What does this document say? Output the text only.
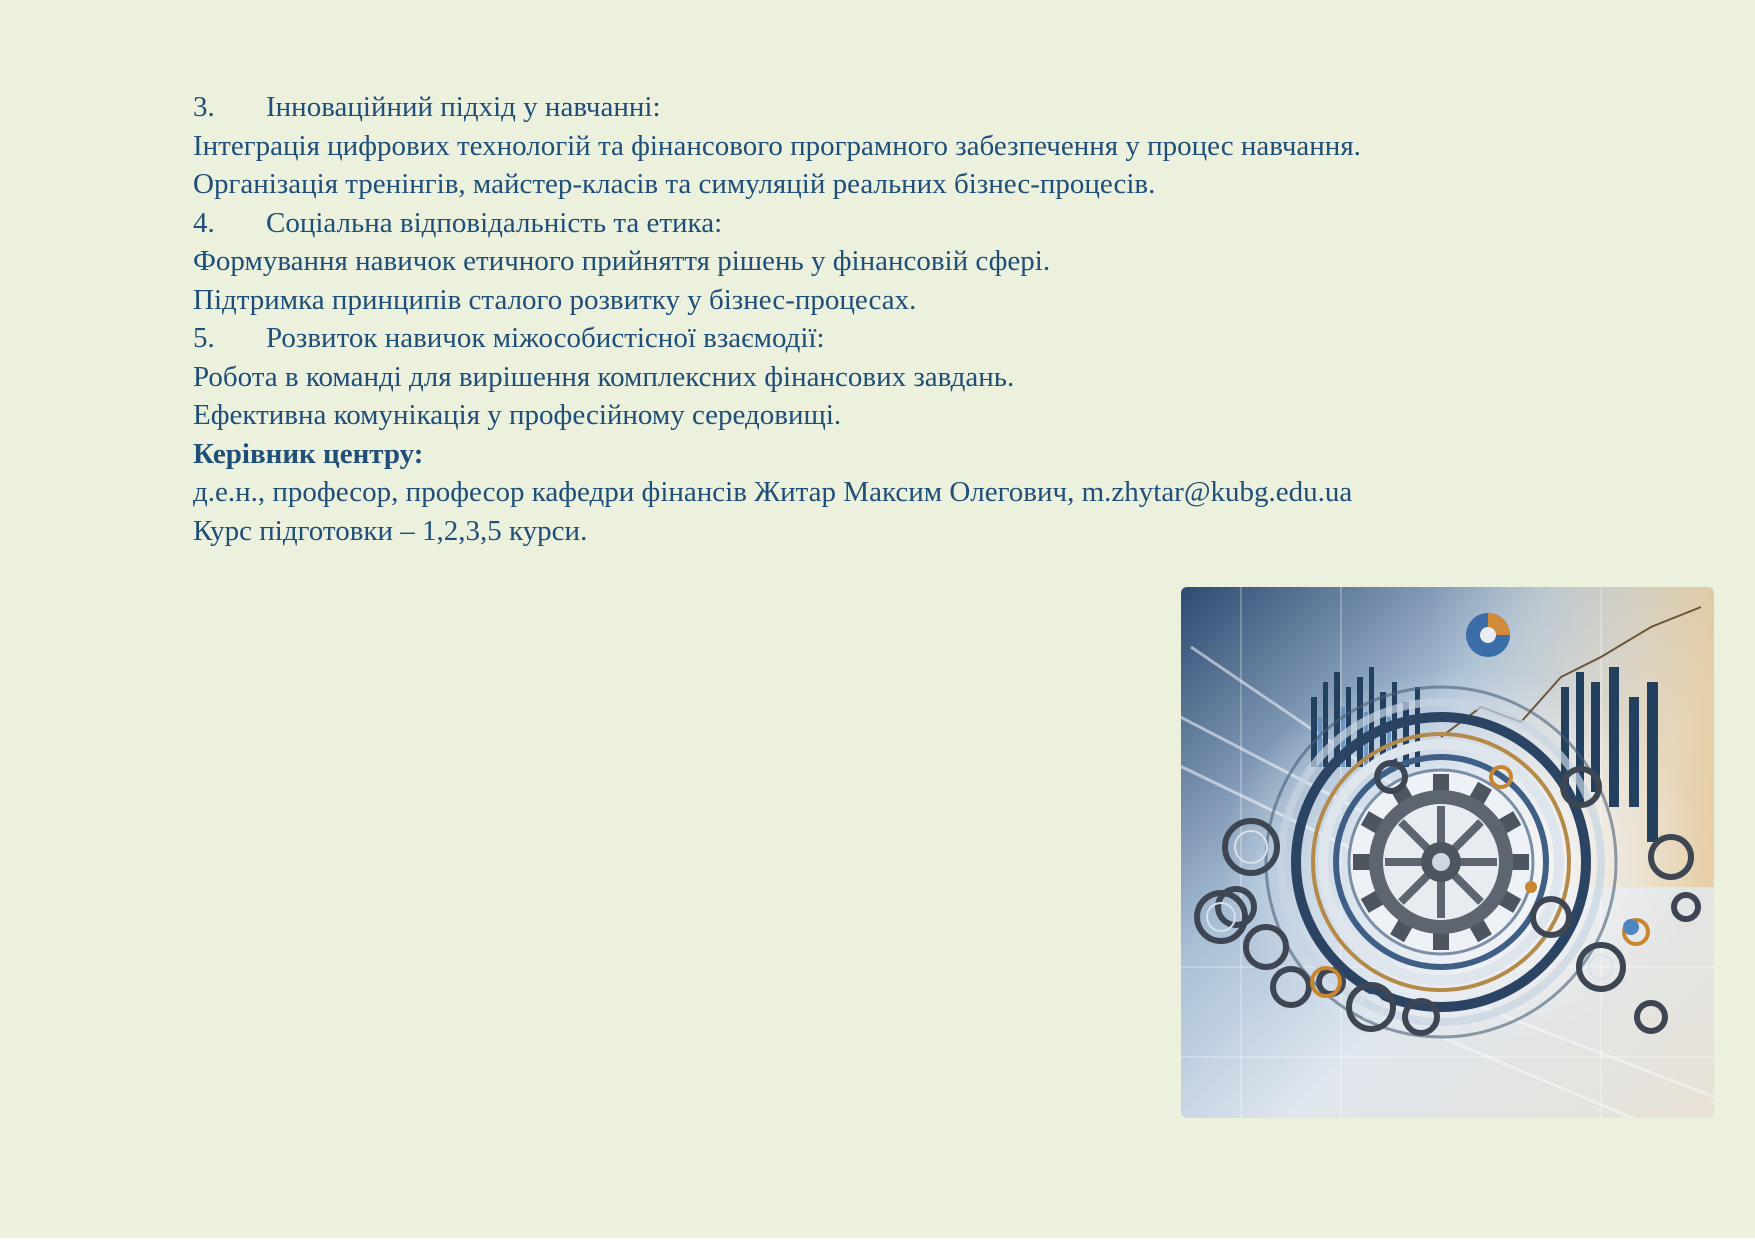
3.	Інноваційний підхід у навчанні:
Інтеграція цифрових технологій та фінансового програмного забезпечення у процес навчання.
Організація тренінгів, майстер-класів та симуляцій реальних бізнес-процесів.
4.	Соціальна відповідальність та етика:
Формування навичок етичного прийняття рішень у фінансовій сфері.
Підтримка принципів сталого розвитку у бізнес-процесах.
5.	Розвиток навичок міжособистісної взаємодії:
Робота в команді для вирішення комплексних фінансових завдань.
Ефективна комунікація у професійному середовищі.
Керівник центру:
д.е.н., професор, професор кафедри фінансів Житар Максим Олегович, m.zhytar@kubg.edu.ua
Курс підготовки – 1,2,3,5 курси.
